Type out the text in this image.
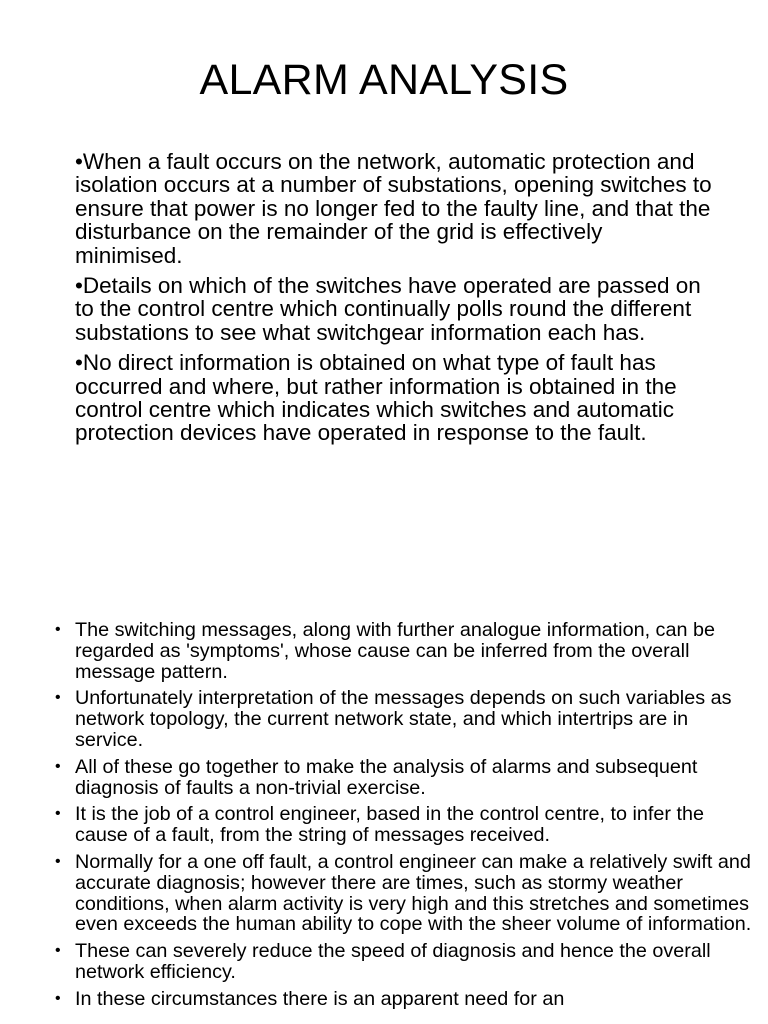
ALARM ANALYSIS

•When a fault occurs on the network, automatic protection and isolation occurs at a number of substations, opening switches to ensure that power is no longer fed to the faulty line, and that the disturbance on the remainder of the grid is effectively minimised.

•Details on which of the switches have operated are passed on to the control centre which continually polls round the different substations to see what switchgear information each has.

•No direct information is obtained on what type of fault has occurred and where, but rather information is obtained in the control centre which indicates which switches and automatic protection devices have operated in response to the fault.

• The switching messages, along with further analogue information, can be regarded as 'symptoms', whose cause can be inferred from the overall message pattern.
• Unfortunately interpretation of the messages depends on such variables as network topology, the current network state, and which intertrips are in service.
• All of these go together to make the analysis of alarms and subsequent diagnosis of faults a non-trivial exercise.
• It is the job of a control engineer, based in the control centre, to infer the cause of a fault, from the string of messages received.
• Normally for a one off fault, a control engineer can make a relatively swift and accurate diagnosis; however there are times, such as stormy weather conditions, when alarm activity is very high and this stretches and sometimes even exceeds the human ability to cope with the sheer volume of information.
• These can severely reduce the speed of diagnosis and hence the overall network efficiency.
• In these circumstances there is an apparent need for an
